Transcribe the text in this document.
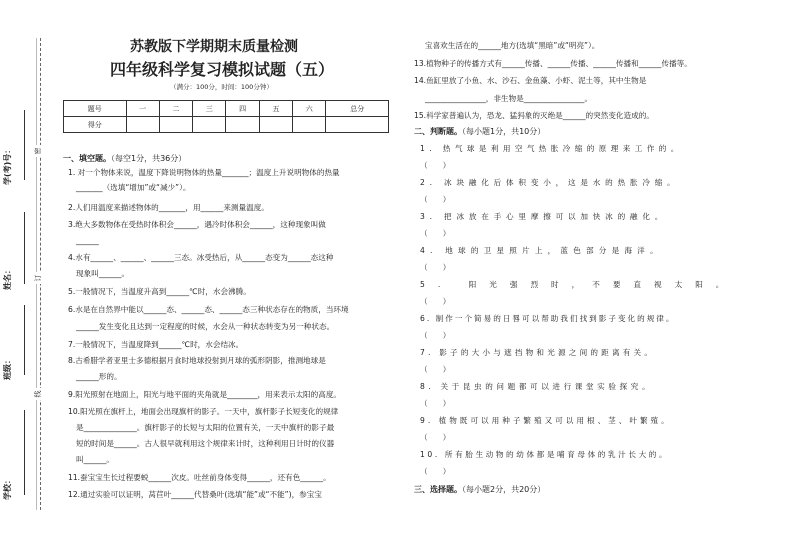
学(考)号：
姓名：
班级：
学校：
密
订
线
苏教版下学期期末质量检测
四年级科学复习模拟试题（五）
（满分：100分，时间：100分钟）
题号	一	二	三	四	五	六	总分
得分							
一、填空题。（每空1分，共36分）
1. 对一个物体来说，温度下降说明物体的热量_______；温度上升说明物体的热量
_______（选填“增加”或“减少”）。
2.人们用温度来描述物体的_______，用______来测量温度。
3.绝大多数物体在受热时体积会______，遇冷时体积会______，这种现象叫做
______
4.水有______、______、______三态。冰受热后，从______态变为______态这种
现象叫______。
5.一般情况下，当温度升高到______℃时，水会沸腾。
6.水是在自然界中能以______态、______态、______态三种状态存在的物质，当环境
______发生变化且达到一定程度的时候，水会从一种状态转变为另一种状态。
7.一般情况下，当温度降到______℃时，水会结冰。
8.古希腊学者亚里士多德根据月食时地球投射到月球的弧形阴影，推测地球是
______形的。
9.阳光照射在地面上，阳光与地平面的夹角就是________，用来表示太阳的高度。
10.阳光照在旗杆上，地面会出现旗杆的影子。一天中，旗杆影子长短变化的规律
是______________。旗杆影子的长短与太阳的位置有关，一天中旗杆的影子最
短的时间是______。古人很早就利用这个规律来计时，这种利用日计时的仪器
叫______。
11.蚕宝宝生长过程要蜕______次皮。吐丝前身体变得______，还有色______。
12.通过实验可以证明，莴苣叶______代替桑叶(选填“能”或“不能”)，参宝宝
宝喜欢生活在的______地方(选填“黑暗”或“明亮”）。
13.植物种子的传播方式有______传播、______传播、______传播和______传播等。
14.鱼缸里放了小鱼、水、沙石、金鱼藻、小虾、泥土等，其中生物是
________________，非生物是________________。
15.科学家普遍认为，恐龙、猛犸象的灭绝是______的突然变化造成的。
二、判断题。（每小题1分，共10分）
1. 热气球是利用空气热胀冷缩的原理来工作的。
（　　）
2. 冰块融化后体积变小，这是水的热胀冷缩。
（　　）
3. 把冰放在手心里摩擦可以加快冰的融化。
（　　）
4. 地球的卫星照片上，蓝色部分是海洋。
（　　）
5. 阳光强烈时，不要直视太阳。
（　　）
6. 制作一个简易的日晷可以帮助我们找到影子变化的规律。
（　　）
7. 影子的大小与遮挡物和光源之间的距离有关。
（　　）
8. 关于昆虫的问题都可以进行课堂实验探究。
（　　）
9. 植物既可以用种子繁殖又可以用根、茎、叶繁殖。
（　　）
10. 所有胎生动物的幼体都是哺育母体的乳汁长大的。
（　　）
三、选择题。（每小题2分，共20分）
